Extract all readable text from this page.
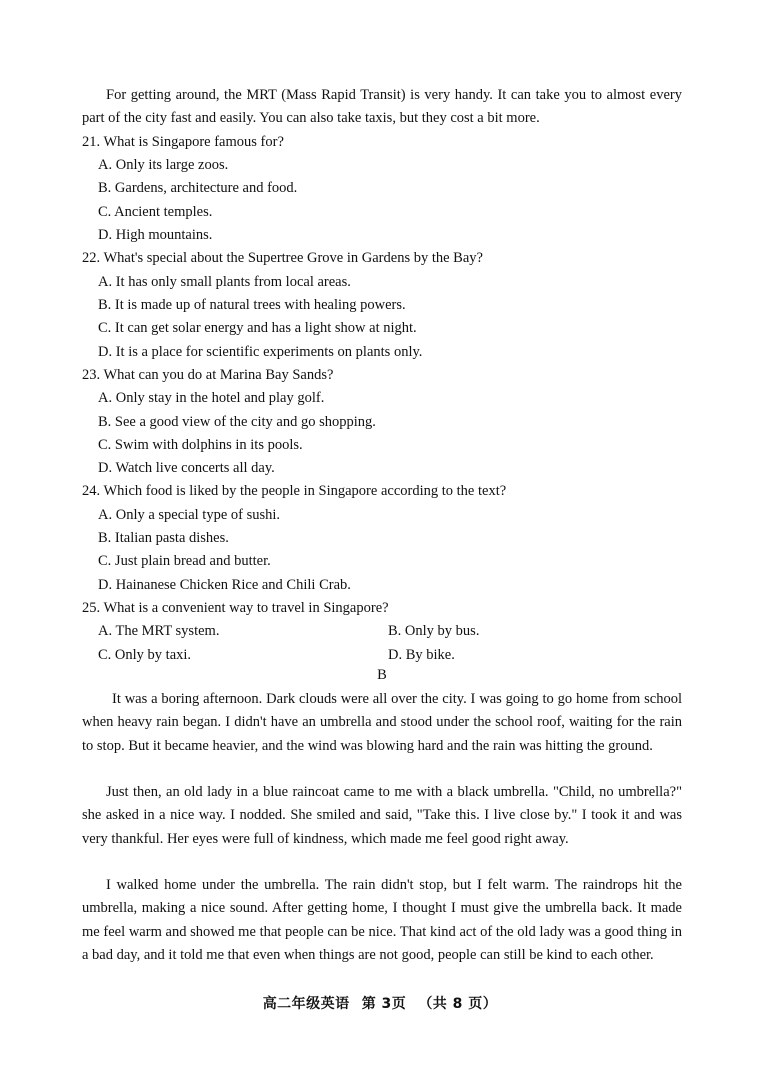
For getting around, the MRT (Mass Rapid Transit) is very handy. It can take you to almost every part of the city fast and easily. You can also take taxis, but they cost a bit more.
21. What is Singapore famous for?
A. Only its large zoos.
B. Gardens, architecture and food.
C. Ancient temples.
D. High mountains.
22. What's special about the Supertree Grove in Gardens by the Bay?
A. It has only small plants from local areas.
B. It is made up of natural trees with healing powers.
C. It can get solar energy and has a light show at night.
D. It is a place for scientific experiments on plants only.
23. What can you do at Marina Bay Sands?
A. Only stay in the hotel and play golf.
B. See a good view of the city and go shopping.
C. Swim with dolphins in its pools.
D. Watch live concerts all day.
24. Which food is liked by the people in Singapore according to the text?
A. Only a special type of sushi.
B. Italian pasta dishes.
C. Just plain bread and butter.
D. Hainanese Chicken Rice and Chili Crab.
25. What is a convenient way to travel in Singapore?
A. The MRT system.	B. Only by bus.
C. Only by taxi.	D. By bike.
B
It was a boring afternoon. Dark clouds were all over the city. I was going to go home from school when heavy rain began. I didn't have an umbrella and stood under the school roof, waiting for the rain to stop. But it became heavier, and the wind was blowing hard and the rain was hitting the ground.
Just then, an old lady in a blue raincoat came to me with a black umbrella. "Child, no umbrella?" she asked in a nice way. I nodded. She smiled and said, "Take this. I live close by." I took it and was very thankful. Her eyes were full of kindness, which made me feel good right away.
I walked home under the umbrella. The rain didn't stop, but I felt warm. The raindrops hit the umbrella, making a nice sound. After getting home, I thought I must give the umbrella back. It made me feel warm and showed me that people can be nice. That kind act of the old lady was a good thing in a bad day, and it told me that even when things are not good, people can still be kind to each other.
高二年级英语 第 3页 （共 8 页）
